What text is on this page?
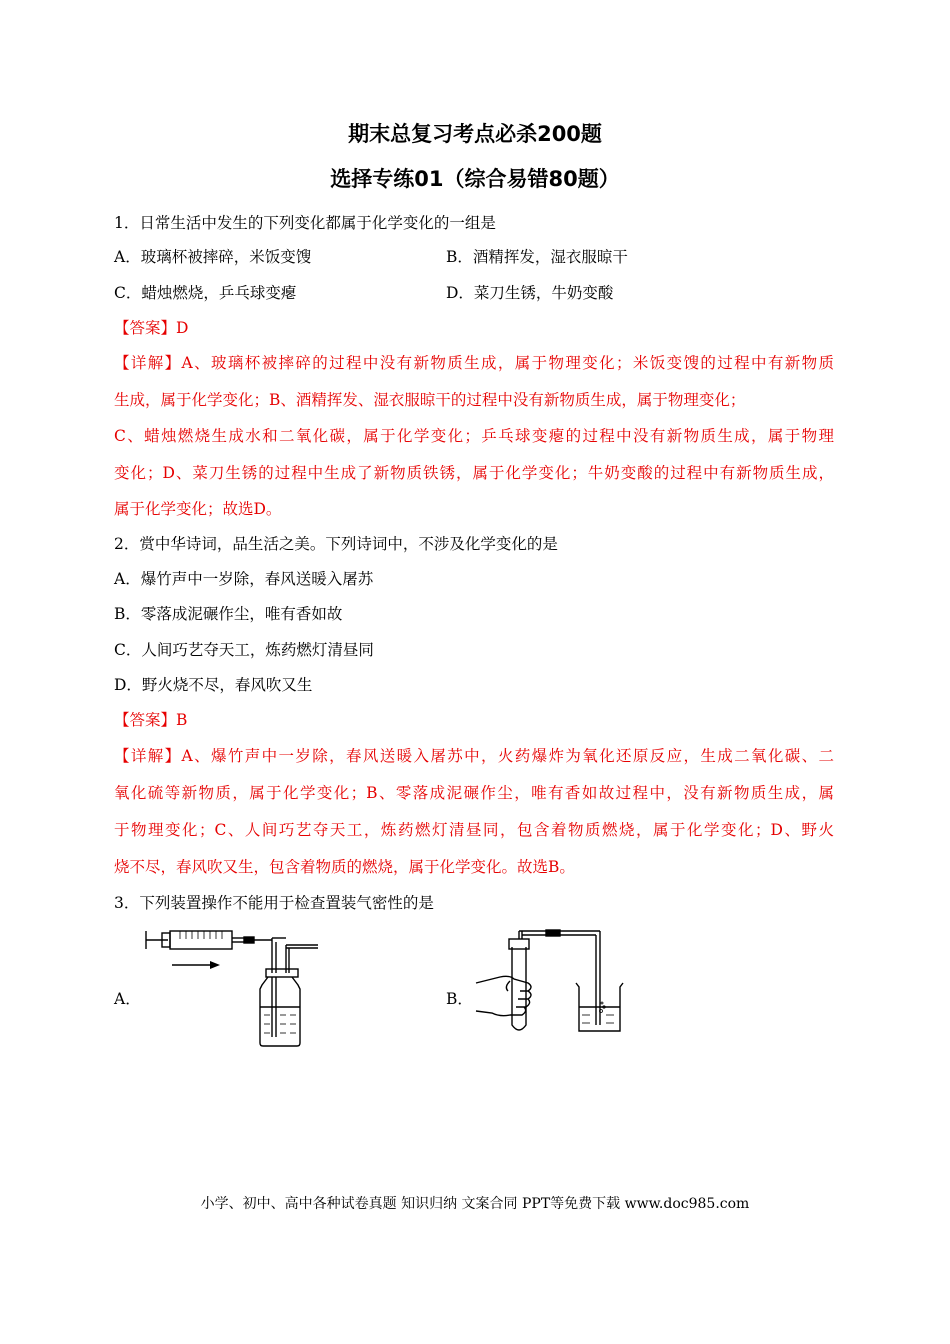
期末总复习考点必杀200题
选择专练01（综合易错80题）
1．日常生活中发生的下列变化都属于化学变化的一组是
A．玻璃杯被摔碎，米饭变馊	B．酒精挥发，湿衣服晾干
C．蜡烛燃烧，乒乓球变瘪	D．菜刀生锈，牛奶变酸
【答案】D
【详解】A、玻璃杯被摔碎的过程中没有新物质生成，属于物理变化；米饭变馊的过程中有新物质
生成，属于化学变化；B、酒精挥发、湿衣服晾干的过程中没有新物质生成，属于物理变化；
C、蜡烛燃烧生成水和二氧化碳，属于化学变化；乒乓球变瘪的过程中没有新物质生成，属于物理
变化；D、菜刀生锈的过程中生成了新物质铁锈，属于化学变化；牛奶变酸的过程中有新物质生成，
属于化学变化；故选D。
2．赏中华诗词，品生活之美。下列诗词中，不涉及化学变化的是
A．爆竹声中一岁除，春风送暖入屠苏
B．零落成泥碾作尘，唯有香如故
C．人间巧艺夺天工，炼药燃灯清昼同
D．野火烧不尽，春风吹又生
【答案】B
【详解】A、爆竹声中一岁除，春风送暖入屠苏中，火药爆炸为氧化还原反应，生成二氧化碳、二
氧化硫等新物质，属于化学变化；B、零落成泥碾作尘，唯有香如故过程中，没有新物质生成，属
于物理变化；C、人间巧艺夺天工，炼药燃灯清昼同，包含着物质燃烧，属于化学变化；D、野火
烧不尽，春风吹又生，包含着物质的燃烧，属于化学变化。故选B。
3．下列装置操作不能用于检查置装气密性的是
A．	B．
小学、初中、高中各种试卷真题 知识归纳 文案合同 PPT等免费下载 www.doc985.com
